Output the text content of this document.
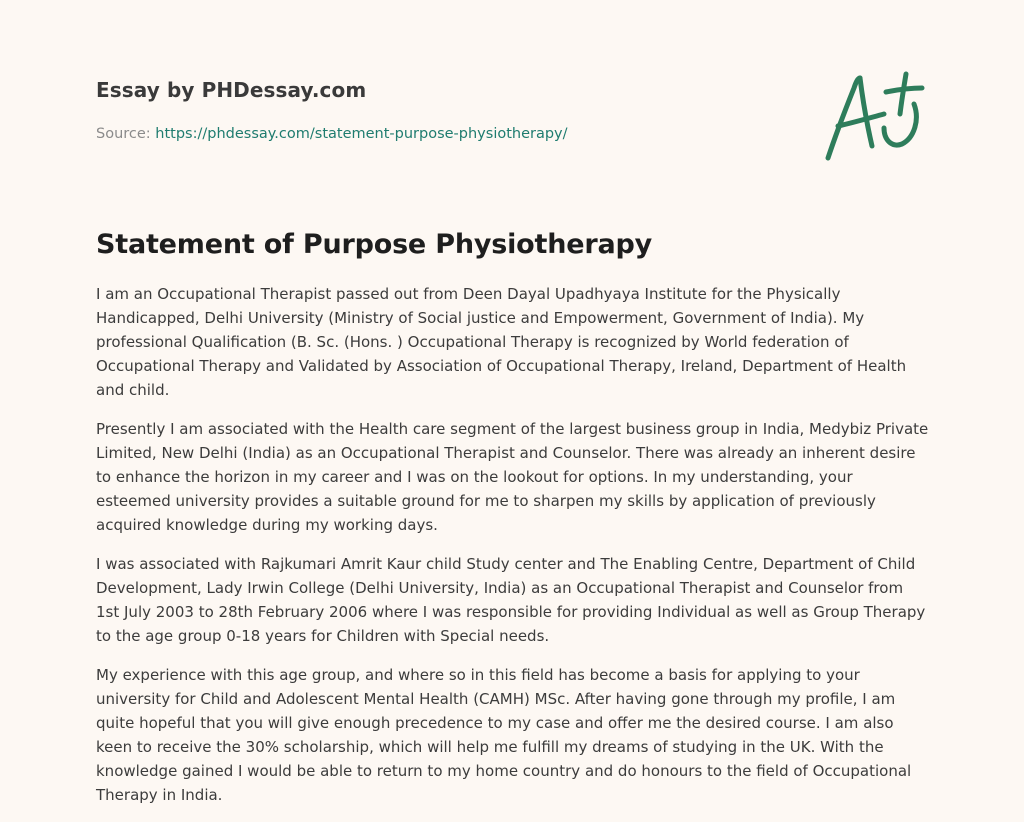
Essay by PHDessay.com
Source: https://phdessay.com/statement-purpose-physiotherapy/
Statement of Purpose Physiotherapy

I am an Occupational Therapist passed out from Deen Dayal Upadhyaya Institute for the Physically Handicapped, Delhi University (Ministry of Social justice and Empowerment, Government of India). My professional Qualification (B. Sc. (Hons. ) Occupational Therapy is recognized by World federation of Occupational Therapy and Validated by Association of Occupational Therapy, Ireland, Department of Health and child.

Presently I am associated with the Health care segment of the largest business group in India, Medybiz Private Limited, New Delhi (India) as an Occupational Therapist and Counselor. There was already an inherent desire to enhance the horizon in my career and I was on the lookout for options. In my understanding, your esteemed university provides a suitable ground for me to sharpen my skills by application of previously acquired knowledge during my working days.

I was associated with Rajkumari Amrit Kaur child Study center and The Enabling Centre, Department of Child Development, Lady Irwin College (Delhi University, India) as an Occupational Therapist and Counselor from 1st July 2003 to 28th February 2006 where I was responsible for providing Individual as well as Group Therapy to the age group 0-18 years for Children with Special needs.

My experience with this age group, and where so in this field has become a basis for applying to your university for Child and Adolescent Mental Health (CAMH) MSc. After having gone through my profile, I am quite hopeful that you will give enough precedence to my case and offer me the desired course. I am also keen to receive the 30% scholarship, which will help me fulfill my dreams of studying in the UK. With the knowledge gained I would be able to return to my home country and do honours to the field of Occupational Therapy in India.
